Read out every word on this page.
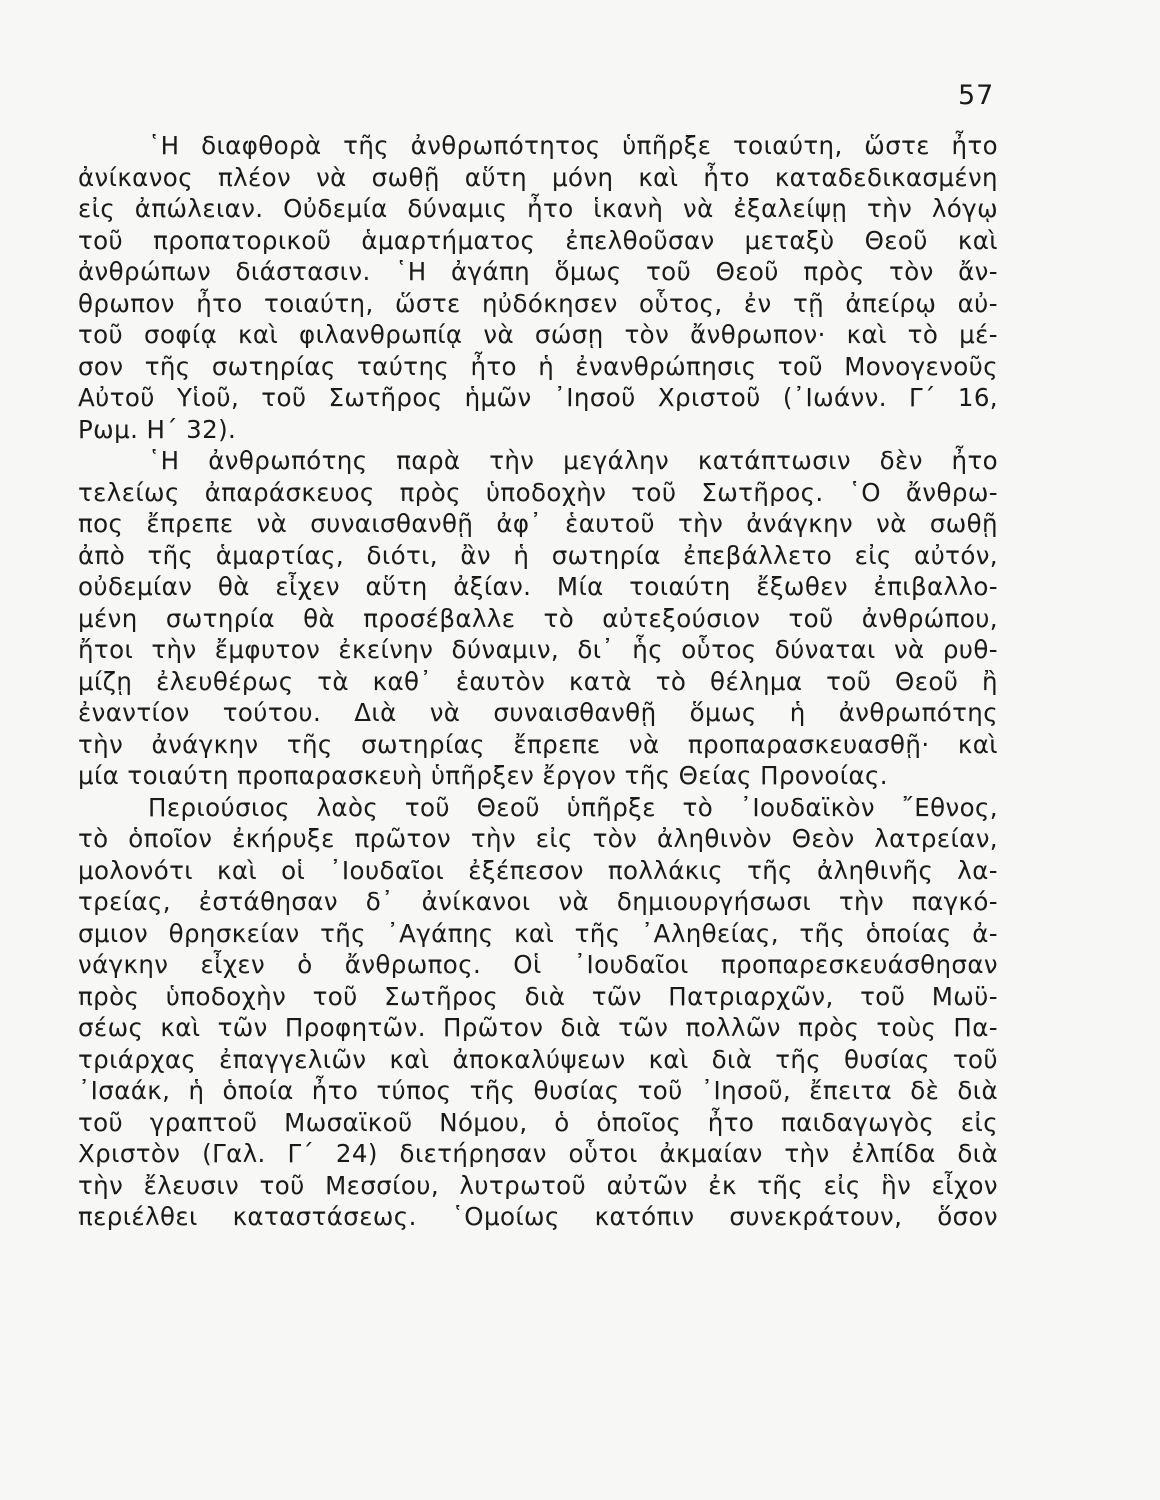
57
῾Η διαφθορὰ τῆς ἀνθρωπότητος ὑπῆρξε τοιαύτη, ὥστε ἦτο
ἀνίκανος πλέον νὰ σωθῇ αὕτη μόνη καὶ ἦτο καταδεδικασμένη
εἰς ἀπώλειαν. Οὐδεμία δύναμις ἦτο ἱκανὴ νὰ ἐξαλείψῃ τὴν λόγῳ
τοῦ προπατορικοῦ ἁμαρτήματος ἐπελθοῦσαν μεταξὺ Θεοῦ καὶ
ἀνθρώπων διάστασιν. ῾Η ἀγάπη ὅμως τοῦ Θεοῦ πρὸς τὸν ἄν-
θρωπον ἦτο τοιαύτη, ὥστε ηὐδόκησεν οὗτος, ἐν τῇ ἀπείρῳ αὐ-
τοῦ σοφίᾳ καὶ φιλανθρωπίᾳ νὰ σώσῃ τὸν ἄνθρωπον· καὶ τὸ μέ-
σον τῆς σωτηρίας ταύτης ἦτο ἡ ἐνανθρώπησις τοῦ Μονογενοῦς
Αὐτοῦ Υἱοῦ, τοῦ Σωτῆρος ἡμῶν ᾿Ιησοῦ Χριστοῦ (᾿Ιωάνν. Γ´ 16,
Ρωμ. Η´ 32).
῾Η ἀνθρωπότης παρὰ τὴν μεγάλην κατάπτωσιν δὲν ἦτο
τελείως ἀπαράσκευος πρὸς ὑποδοχὴν τοῦ Σωτῆρος. ῾Ο ἄνθρω-
πος ἔπρεπε νὰ συναισθανθῇ ἀφ᾽ ἑαυτοῦ τὴν ἀνάγκην νὰ σωθῇ
ἀπὸ τῆς ἁμαρτίας, διότι, ἂν ἡ σωτηρία ἐπεβάλλετο εἰς αὐτόν,
οὐδεμίαν θὰ εἶχεν αὕτη ἀξίαν. Μία τοιαύτη ἔξωθεν ἐπιβαλλο-
μένη σωτηρία θὰ προσέβαλλε τὸ αὐτεξούσιον τοῦ ἀνθρώπου,
ἤτοι τὴν ἔμφυτον ἐκείνην δύναμιν, δι᾽ ἧς οὗτος δύναται νὰ ρυθ-
μίζῃ ἐλευθέρως τὰ καθ᾽ ἑαυτὸν κατὰ τὸ θέλημα τοῦ Θεοῦ ἢ
ἐναντίον τούτου. Διὰ νὰ συναισθανθῇ ὅμως ἡ ἀνθρωπότης
τὴν ἀνάγκην τῆς σωτηρίας ἔπρεπε νὰ προπαρασκευασθῇ· καὶ
μία τοιαύτη προπαρασκευὴ ὑπῆρξεν ἔργον τῆς Θείας Προνοίας.
Περιούσιος λαὸς τοῦ Θεοῦ ὑπῆρξε τὸ ᾿Ιουδαϊκὸν ῎Εθνος,
τὸ ὁποῖον ἐκήρυξε πρῶτον τὴν εἰς τὸν ἀληθινὸν Θεὸν λατρείαν,
μολονότι καὶ οἱ ᾿Ιουδαῖοι ἐξέπεσον πολλάκις τῆς ἀληθινῆς λα-
τρείας, ἐστάθησαν δ᾽ ἀνίκανοι νὰ δημιουργήσωσι τὴν παγκό-
σμιον θρησκείαν τῆς ᾿Αγάπης καὶ τῆς ᾿Αληθείας, τῆς ὁποίας ἀ-
νάγκην εἶχεν ὁ ἄνθρωπος. Οἱ ᾿Ιουδαῖοι προπαρεσκευάσθησαν
πρὸς ὑποδοχὴν τοῦ Σωτῆρος διὰ τῶν Πατριαρχῶν, τοῦ Μωϋ-
σέως καὶ τῶν Προφητῶν. Πρῶτον διὰ τῶν πολλῶν πρὸς τοὺς Πα-
τριάρχας ἐπαγγελιῶν καὶ ἀποκαλύψεων καὶ διὰ τῆς θυσίας τοῦ
᾿Ισαάκ, ἡ ὁποία ἦτο τύπος τῆς θυσίας τοῦ ᾿Ιησοῦ, ἔπειτα δὲ διὰ
τοῦ γραπτοῦ Μωσαϊκοῦ Νόμου, ὁ ὁποῖος ἦτο παιδαγωγὸς εἰς
Χριστὸν (Γαλ. Γ´ 24) διετήρησαν οὗτοι ἀκμαίαν τὴν ἐλπίδα διὰ
τὴν ἔλευσιν τοῦ Μεσσίου, λυτρωτοῦ αὐτῶν ἐκ τῆς εἰς ἣν εἶχον
περιέλθει καταστάσεως. ῾Ομοίως κατόπιν συνεκράτουν, ὅσον
